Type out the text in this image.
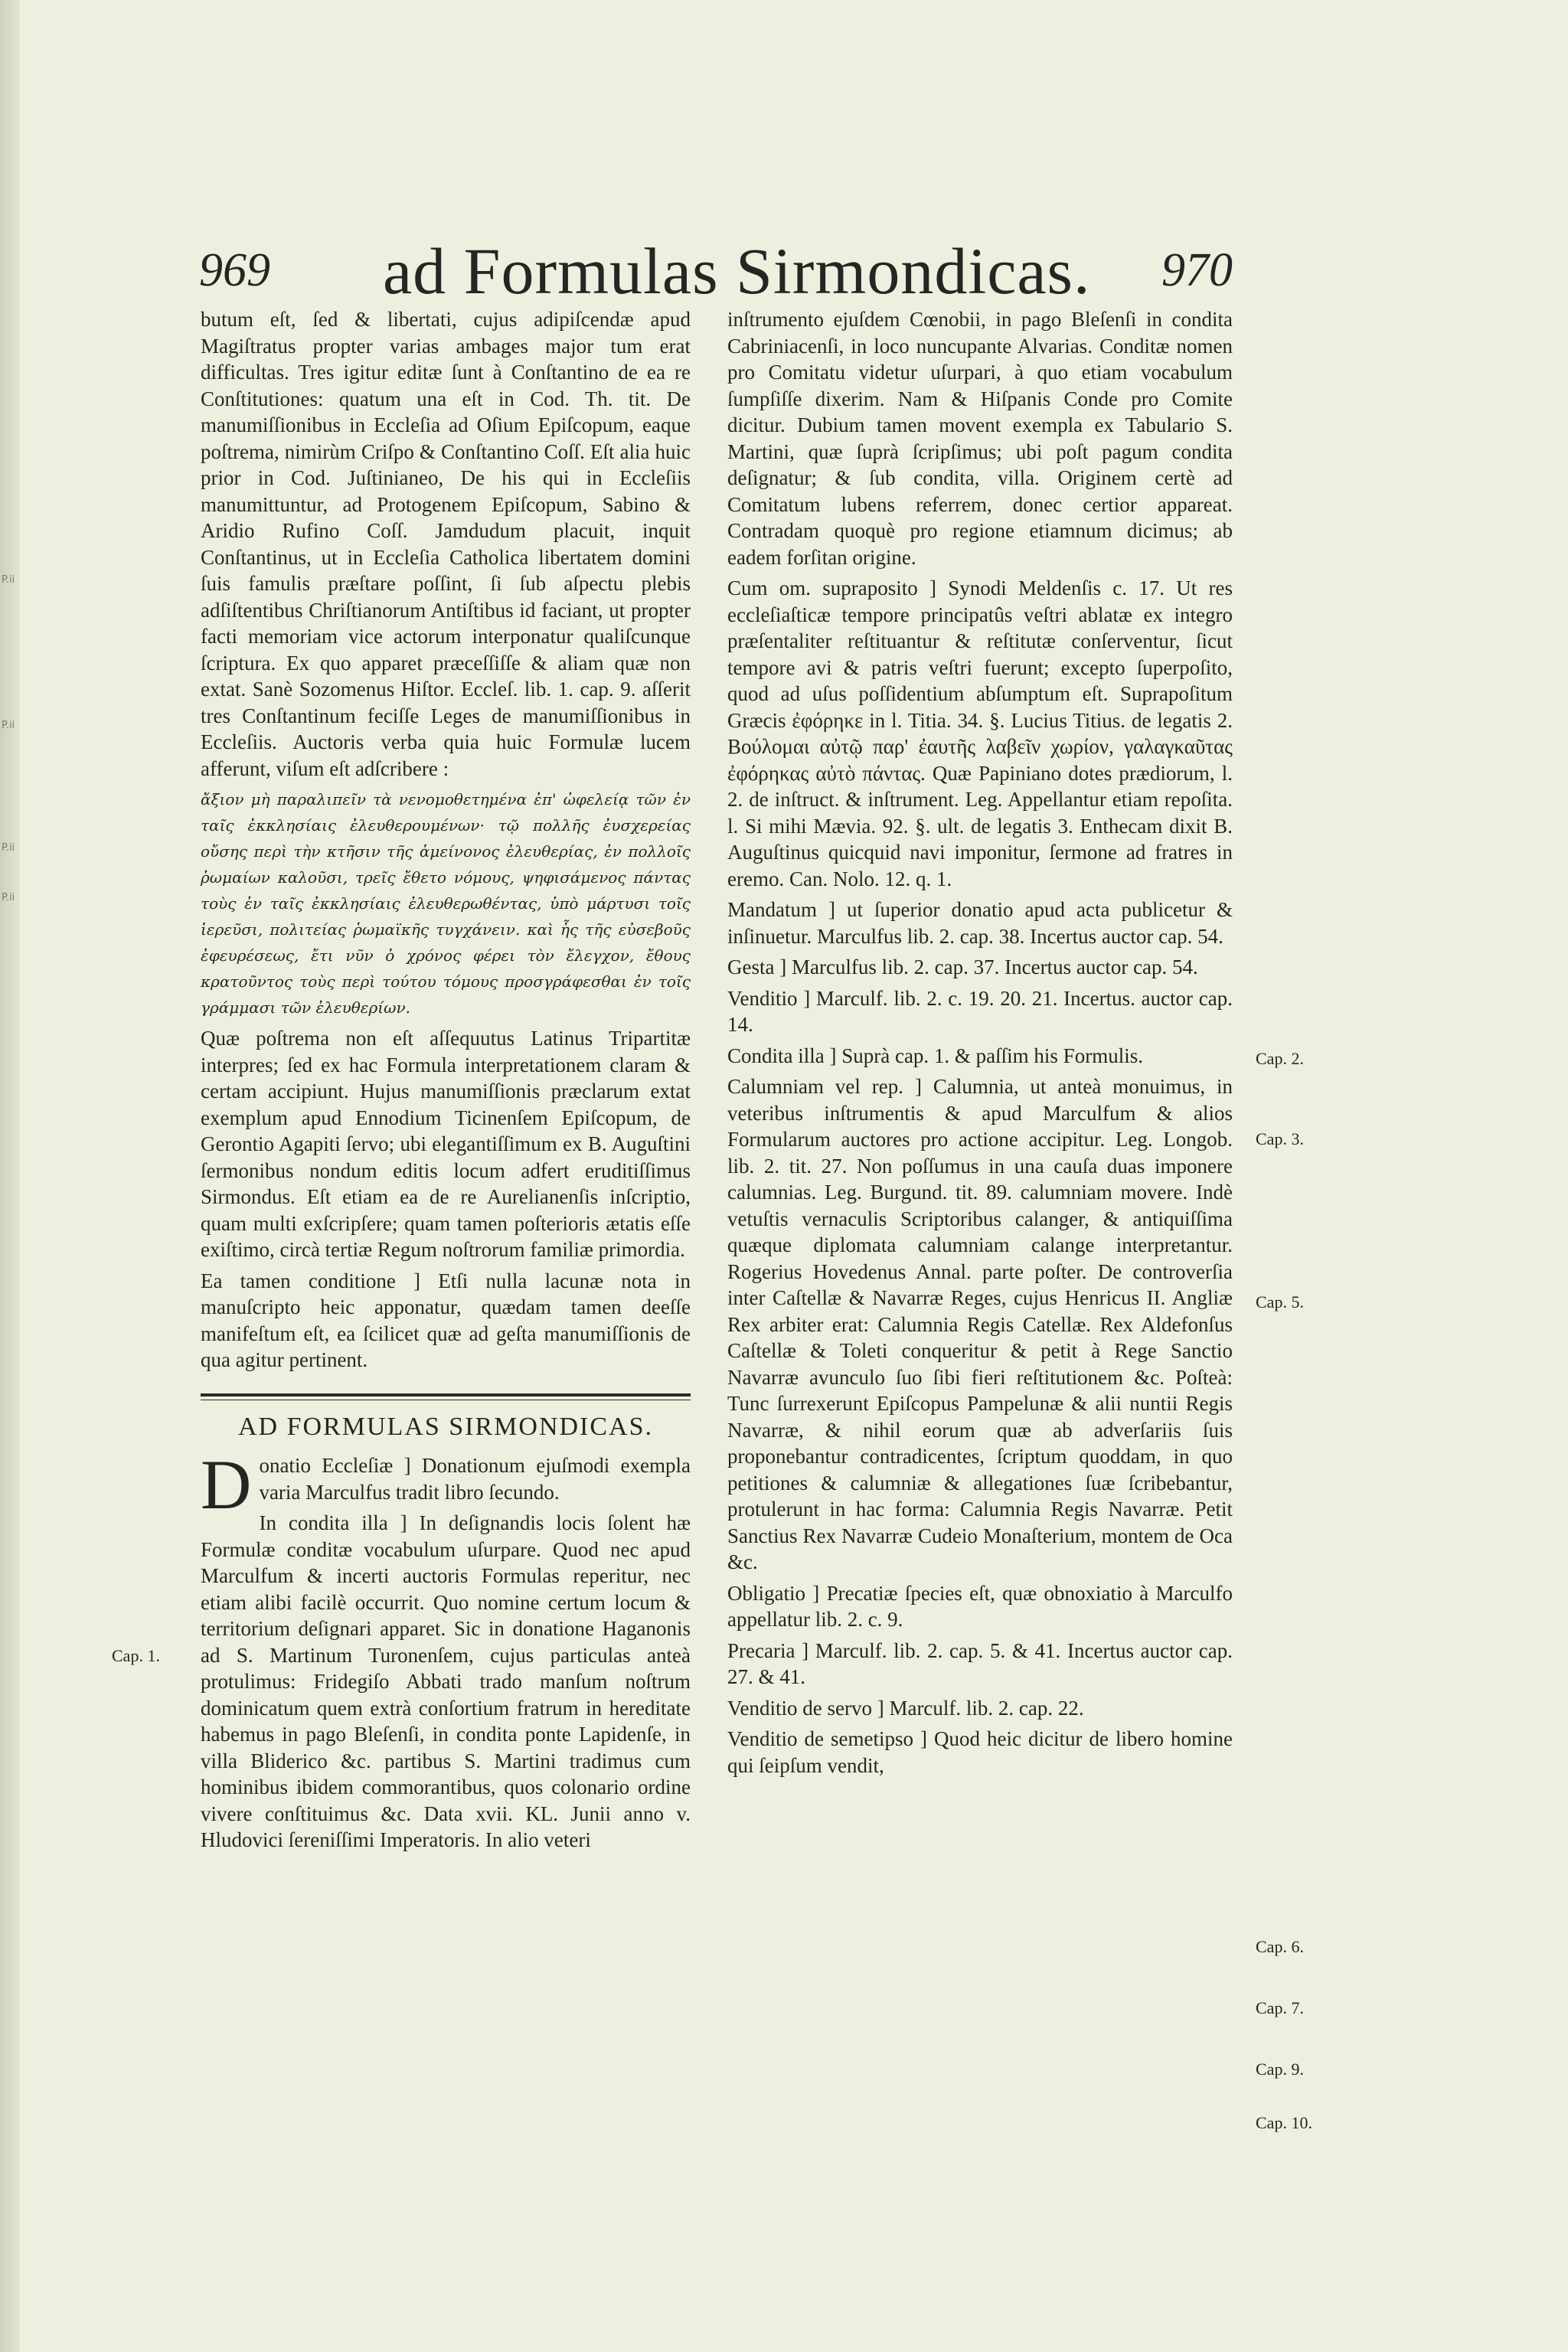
P.ii
P.ii
P.ii
P.ii
969 ad Formulas Sirmondicas. 970

butum eſt, ſed & libertati, cujus adipiſcendæ apud Magiſtratus propter varias ambages major tum erat difficultas. Tres igitur editæ ſunt à Conſtantino de ea re Conſtitutiones: quatum una eſt in Cod. Th. tit. De manumiſſionibus in Eccleſia ad Oſium Epiſcopum, eaque poſtrema, nimirùm Criſpo & Conſtantino Coſſ. Eſt alia huic prior in Cod. Juſtinianeo, De his qui in Eccleſiis manumittuntur, ad Protogenem Epiſcopum, Sabino & Aridio Rufino Coſſ. Jamdudum placuit, inquit Conſtantinus, ut in Eccleſia Catholica libertatem domini ſuis famulis præſtare poſſint, ſi ſub aſpectu plebis adſiſtentibus Chriſtianorum Antiſtibus id faciant, ut propter facti memoriam vice actorum interponatur qualiſcunque ſcriptura. Ex quo apparet præceſſiſſe & aliam quæ non extat. Sanè Sozomenus Hiſtor. Eccleſ. lib. 1. cap. 9. aſſerit tres Conſtantinum feciſſe Leges de manumiſſionibus in Eccleſiis. Auctoris verba quia huic Formulæ lucem afferunt, viſum eſt adſcribere :

ἄξιον μὴ παραλιπεῖν τὰ νενομοθετημένα ἐπ' ὠφελείᾳ τῶν ἐν ταῖς ἐκκλησίαις ἐλευθερουμένων· τῷ πολλῆς ἐυσχερείας οὔσης περὶ τὴν κτῆσιν τῆς ἀμείνονος ἐλευθερίας, ἐν πολλοῖς ῥωμαίων καλοῦσι, τρεῖς ἔθετο νόμους, ψηφισάμενος πάντας τοὺς ἐν ταῖς ἐκκλησίαις ἐλευθερωθέντας, ὑπὸ μάρτυσι τοῖς ἱερεῦσι, πολιτείας ῥωμαϊκῆς τυγχάνειν. καὶ ἧς τῆς εὐσεβοῦς ἐφευρέσεως, ἔτι νῦν ὁ χρόνος φέρει τὸν ἔλεγχον, ἔθους κρατοῦντος τοὺς περὶ τούτου τόμους προσγράφεσθαι ἐν τοῖς γράμμασι τῶν ἐλευθερίων.

Quæ poſtrema non eſt aſſequutus Latinus Tripartitæ interpres; ſed ex hac Formula interpretationem claram & certam accipiunt. Hujus manumiſſionis præclarum extat exemplum apud Ennodium Ticinenſem Epiſcopum, de Gerontio Agapiti ſervo; ubi elegantiſſimum ex B. Auguſtini ſermonibus nondum editis locum adfert eruditiſſimus Sirmondus. Eſt etiam ea de re Aurelianenſis inſcriptio, quam multi exſcripſere; quam tamen poſterioris ætatis eſſe exiſtimo, circà tertiæ Regum noſtrorum familiæ primordia.

Ea tamen conditione ] Etſi nulla lacunæ nota in manuſcripto heic apponatur, quædam tamen deeſſe manifeſtum eſt, ea ſcilicet quæ ad geſta manumiſſionis de qua agitur pertinent.

AD FORMULAS SIRMONDICAS.

Donatio Eccleſiæ ] Donationum ejuſmodi exempla varia Marculfus tradit libro ſecundo.

In condita illa ] In deſignandis locis ſolent hæ Formulæ conditæ vocabulum uſurpare. Quod nec apud Marculfum & incerti auctoris Formulas reperitur, nec etiam alibi facilè occurrit. Quo nomine certum locum & territorium deſignari apparet. Sic in donatione Haganonis ad S. Martinum Turonenſem, cujus particulas anteà protulimus: Fridegiſo Abbati trado manſum noſtrum dominicatum quem extrà conſortium fratrum in hereditate habemus in pago Bleſenſi, in condita ponte Lapidenſe, in villa Bliderico &c. partibus S. Martini tradimus cum hominibus ibidem commorantibus, quos colonario ordine vivere conſtituimus &c. Data xvii. KL. Junii anno v. Hludovici ſereniſſimi Imperatoris. In alio veteri

Cap. 1.

inſtrumento ejuſdem Cœnobii, in pago Bleſenſi in condita Cabriniacenſi, in loco nuncupante Alvarias. Conditæ nomen pro Comitatu videtur uſurpari, à quo etiam vocabulum ſumpſiſſe dixerim. Nam & Hiſpanis Conde pro Comite dicitur. Dubium tamen movent exempla ex Tabulario S. Martini, quæ ſuprà ſcripſimus; ubi poſt pagum condita deſignatur; & ſub condita, villa. Originem certè ad Comitatum lubens referrem, donec certior appareat. Contradam quoquè pro regione etiamnum dicimus; ab eadem forſitan origine.

Cum om. supraposito ] Synodi Meldenſis c. 17. Ut res eccleſiaſticæ tempore principatûs veſtri ablatæ ex integro præſentaliter reſtituantur & reſtitutæ conſerventur, ſicut tempore avi & patris veſtri fuerunt; excepto ſuperpoſito, quod ad uſus poſſidentium abſumptum eſt. Suprapoſitum Græcis ἐφόρηκε in l. Titia. 34. §. Lucius Titius. de legatis 2. Βούλομαι αὐτῷ παρ' ἐαυτῆς λαβεῖν χωρίον, γαλαγκαῦτας ἐφόρηκας αὐτὸ πάντας. Quæ Papiniano dotes prædiorum, l. 2. de inſtruct. & inſtrument. Leg. Appellantur etiam repoſita. l. Si mihi Mævia. 92. §. ult. de legatis 3. Enthecam dixit B. Auguſtinus quicquid navi imponitur, ſermone ad fratres in eremo. Can. Nolo. 12. q. 1.

Mandatum ] ut ſuperior donatio apud acta publicetur & inſinuetur. Marculfus lib. 2. cap. 38. Incertus auctor cap. 54.

Gesta ] Marculfus lib. 2. cap. 37. Incertus auctor cap. 54.

Venditio ] Marculf. lib. 2. c. 19. 20. 21. Incertus. auctor cap. 14.

Condita illa ] Suprà cap. 1. & paſſim his Formulis.

Calumniam vel rep. ] Calumnia, ut anteà monuimus, in veteribus inſtrumentis & apud Marculfum & alios Formularum auctores pro actione accipitur. Leg. Longob. lib. 2. tit. 27. Non poſſumus in una cauſa duas imponere calumnias. Leg. Burgund. tit. 89. calumniam movere. Indè vetuſtis vernaculis Scriptoribus calanger, & antiquiſſima quæque diplomata calumniam calange interpretantur. Rogerius Hovedenus Annal. parte poſter. De controverſia inter Caſtellæ & Navarræ Reges, cujus Henricus II. Angliæ Rex arbiter erat: Calumnia Regis Catellæ. Rex Aldefonſus Caſtellæ & Toleti conqueritur & petit à Rege Sanctio Navarræ avunculo ſuo ſibi fieri reſtitutionem &c. Poſteà: Tunc ſurrexerunt Epiſcopus Pampelunæ & alii nuntii Regis Navarræ, & nihil eorum quæ ab adverſariis ſuis proponebantur contradicentes, ſcriptum quoddam, in quo petitiones & calumniæ & allegationes ſuæ ſcribebantur, protulerunt in hac forma: Calumnia Regis Navarræ. Petit Sanctius Rex Navarræ Cudeio Monaſterium, montem de Oca &c.

Obligatio ] Precatiæ ſpecies eſt, quæ obnoxiatio à Marculfo appellatur lib. 2. c. 9.

Precaria ] Marculf. lib. 2. cap. 5. & 41. Incertus auctor cap. 27. & 41.

Venditio de servo ] Marculf. lib. 2. cap. 22.

Venditio de semetipso ] Quod heic dicitur de libero homine qui ſeipſum vendit,

Cap. 2.
Cap. 3.
Cap. 5.
Cap. 6.
Cap. 7.
Cap. 9.
Cap. 10.
